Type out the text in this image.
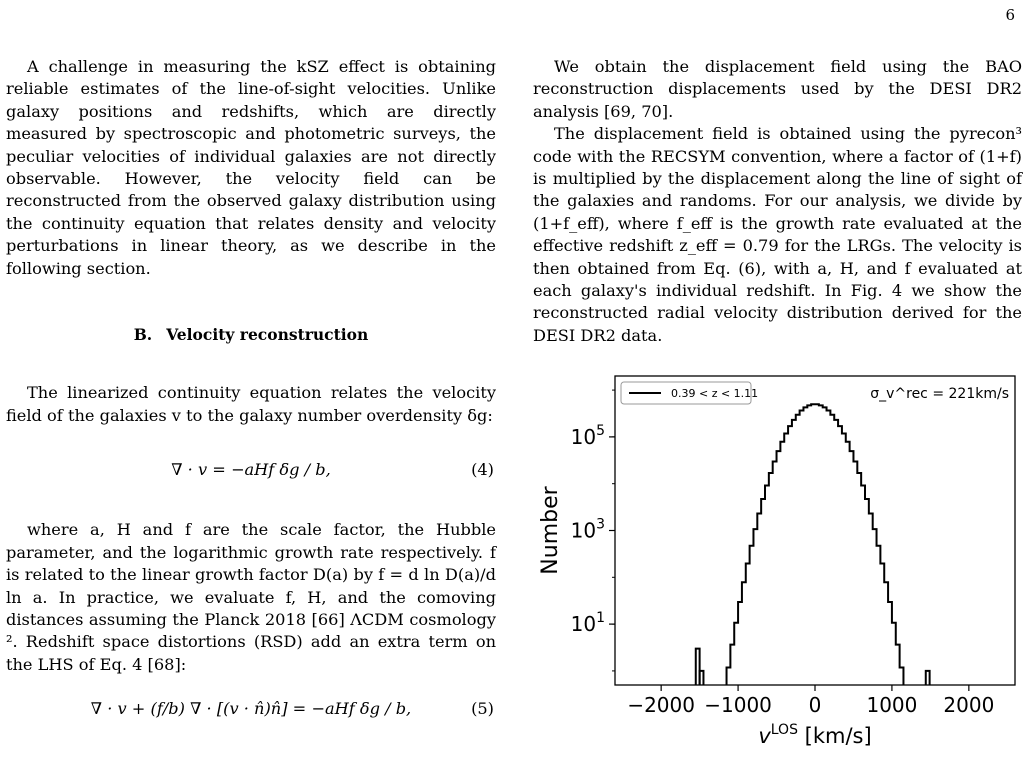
6

A challenge in measuring the kSZ effect is obtaining reliable estimates of the line-of-sight velocities. Unlike galaxy positions and redshifts, which are directly measured by spectroscopic and photometric surveys, the peculiar velocities of individual galaxies are not directly observable. However, the velocity field can be reconstructed from the observed galaxy distribution using the continuity equation that relates density and velocity perturbations in linear theory, as we describe in the following section.

B. Velocity reconstruction

The linearized continuity equation relates the velocity field of the galaxies v to the galaxy number overdensity δg:

∇ · v = −aHf δg / b,	(4)

where a, H and f are the scale factor, the Hubble parameter, and the logarithmic growth rate respectively. f is related to the linear growth factor D(a) by f = d ln D(a)/d ln a. In practice, we evaluate f, H, and the comoving distances assuming the Planck 2018 [66] ΛCDM cosmology ². Redshift space distortions (RSD) add an extra term on the LHS of Eq. 4 [68]:

∇ · v + (f/b) ∇ · [(v · n̂)n̂] = −aHf δg / b,	(5)

We obtain the displacement field using the BAO reconstruction displacements used by the DESI DR2 analysis [69, 70].

The displacement field is obtained using the pyrecon³ code with the RECSYM convention, where a factor of (1+f) is multiplied by the displacement along the line of sight of the galaxies and randoms. For our analysis, we divide by (1+f_eff), where f_eff is the growth rate evaluated at the effective redshift z_eff = 0.79 for the LRGs. The velocity is then obtained from Eq. (6), with a, H, and f evaluated at each galaxy's individual redshift. In Fig. 4 we show the reconstructed radial velocity distribution derived for the DESI DR2 data.

−2000 −1000 0 1000 2000
$10^1$
$10^3$
$10^5$
$v^{LOS}$ [km/s]
Number
0.39 < z < 1.11	σ_v^rec = 221km/s
